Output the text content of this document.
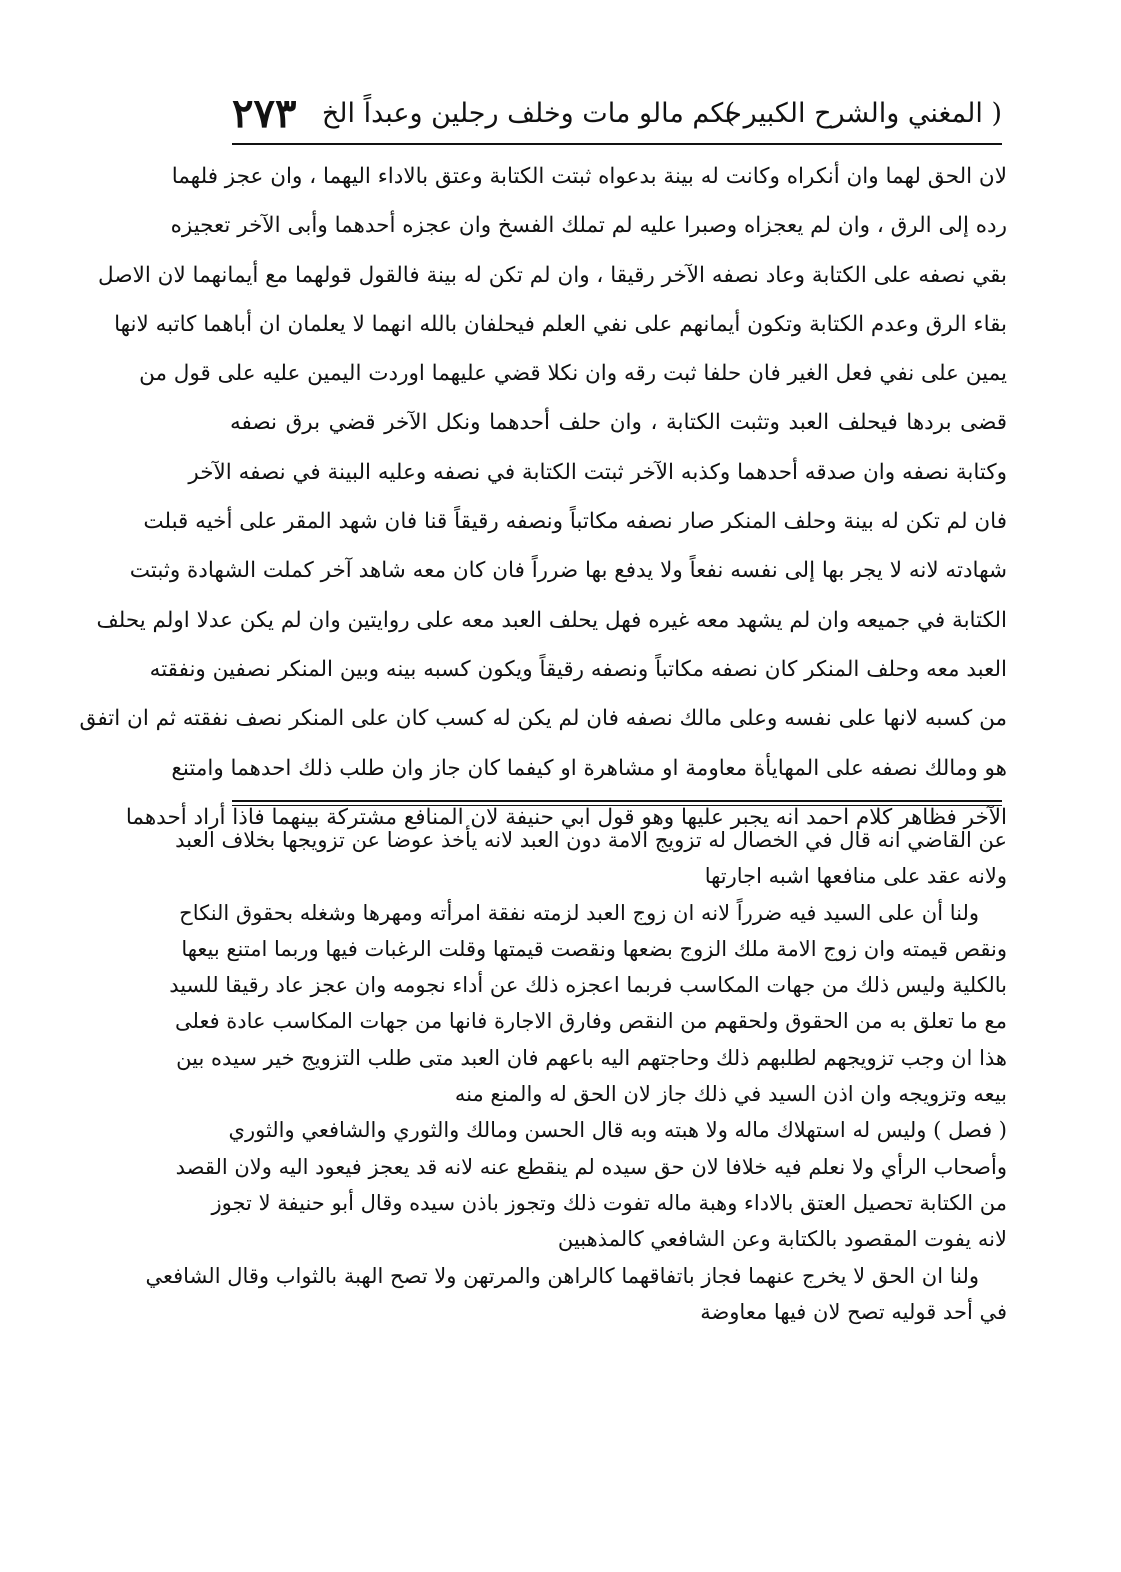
( المغني والشرح الكبير )
حكم مالو مات وخلف رجلين وعبداً الخ
٢٧٣
لان الحق لهما وان أنكراه وكانت له بينة بدعواه ثبتت الكتابة وعتق بالاداء اليهما ، وان عجز فلهما
رده إلى الرق ، وان لم يعجزاه وصبرا عليه لم تملك الفسخ وان عجزه أحدهما وأبى الآخر تعجيزه
بقي نصفه على الكتابة وعاد نصفه الآخر رقيقا ، وان لم تكن له بينة فالقول قولهما مع أيمانهما لان الاصل
بقاء الرق وعدم الكتابة وتكون أيمانهم على نفي العلم فيحلفان بالله انهما لا يعلمان ان أباهما كاتبه لانها
يمين على نفي فعل الغير فان حلفا ثبت رقه وان نكلا قضي عليهما اوردت اليمين عليه على قول من
قضى بردها فيحلف العبد وتثبت الكتابة ، وان حلف أحدهما ونكل الآخر قضي برق نصفه
وكتابة نصفه وان صدقه أحدهما وكذبه الآخر ثبتت الكتابة في نصفه وعليه البينة في نصفه الآخر
فان لم تكن له بينة وحلف المنكر صار نصفه مكاتباً ونصفه رقيقاً قنا فان شهد المقر على أخيه قبلت
شهادته لانه لا يجر بها إلى نفسه نفعاً ولا يدفع بها ضرراً فان كان معه شاهد آخر كملت الشهادة وثبتت
الكتابة في جميعه وان لم يشهد معه غيره فهل يحلف العبد معه على روايتين وان لم يكن عدلا اولم يحلف
العبد معه وحلف المنكر كان نصفه مكاتباً ونصفه رقيقاً ويكون كسبه بينه وبين المنكر نصفين ونفقته
من كسبه لانها على نفسه وعلى مالك نصفه فان لم يكن له كسب كان على المنكر نصف نفقته ثم ان اتفق
هو ومالك نصفه على المهايأة معاومة او مشاهرة او كيفما كان جاز وان طلب ذلك احدهما وامتنع
الآخر فظاهر كلام احمد انه يجبر عليها وهو قول ابي حنيفة لان المنافع مشتركة بينهما فاذا أراد أحدهما
عن القاضي انه قال في الخصال له تزويج الامة دون العبد لانه يأخذ عوضا عن تزويجها بخلاف العبد
ولانه عقد على منافعها اشبه اجارتها
ولنا أن على السيد فيه ضرراً لانه ان زوج العبد لزمته نفقة امرأته ومهرها وشغله بحقوق النكاح
ونقص قيمته وان زوج الامة ملك الزوج بضعها ونقصت قيمتها وقلت الرغبات فيها وربما امتنع بيعها
بالكلية وليس ذلك من جهات المكاسب فربما اعجزه ذلك عن أداء نجومه وان عجز عاد رقيقا للسيد
مع ما تعلق به من الحقوق ولحقهم من النقص وفارق الاجارة فانها من جهات المكاسب عادة فعلى
هذا ان وجب تزويجهم لطلبهم ذلك وحاجتهم اليه باعهم فان العبد متى طلب التزويج خير سيده بين
بيعه وتزويجه وان اذن السيد في ذلك جاز لان الحق له والمنع منه
( فصل ) وليس له استهلاك ماله ولا هبته وبه قال الحسن ومالك والثوري والشافعي والثوري
وأصحاب الرأي ولا نعلم فيه خلافا لان حق سيده لم ينقطع عنه لانه قد يعجز فيعود اليه ولان القصد
من الكتابة تحصيل العتق بالاداء وهبة ماله تفوت ذلك وتجوز باذن سيده وقال أبو حنيفة لا تجوز
لانه يفوت المقصود بالكتابة وعن الشافعي كالمذهبين
ولنا ان الحق لا يخرج عنهما فجاز باتفاقهما كالراهن والمرتهن ولا تصح الهبة بالثواب وقال الشافعي
في أحد قوليه تصح لان فيها معاوضة
